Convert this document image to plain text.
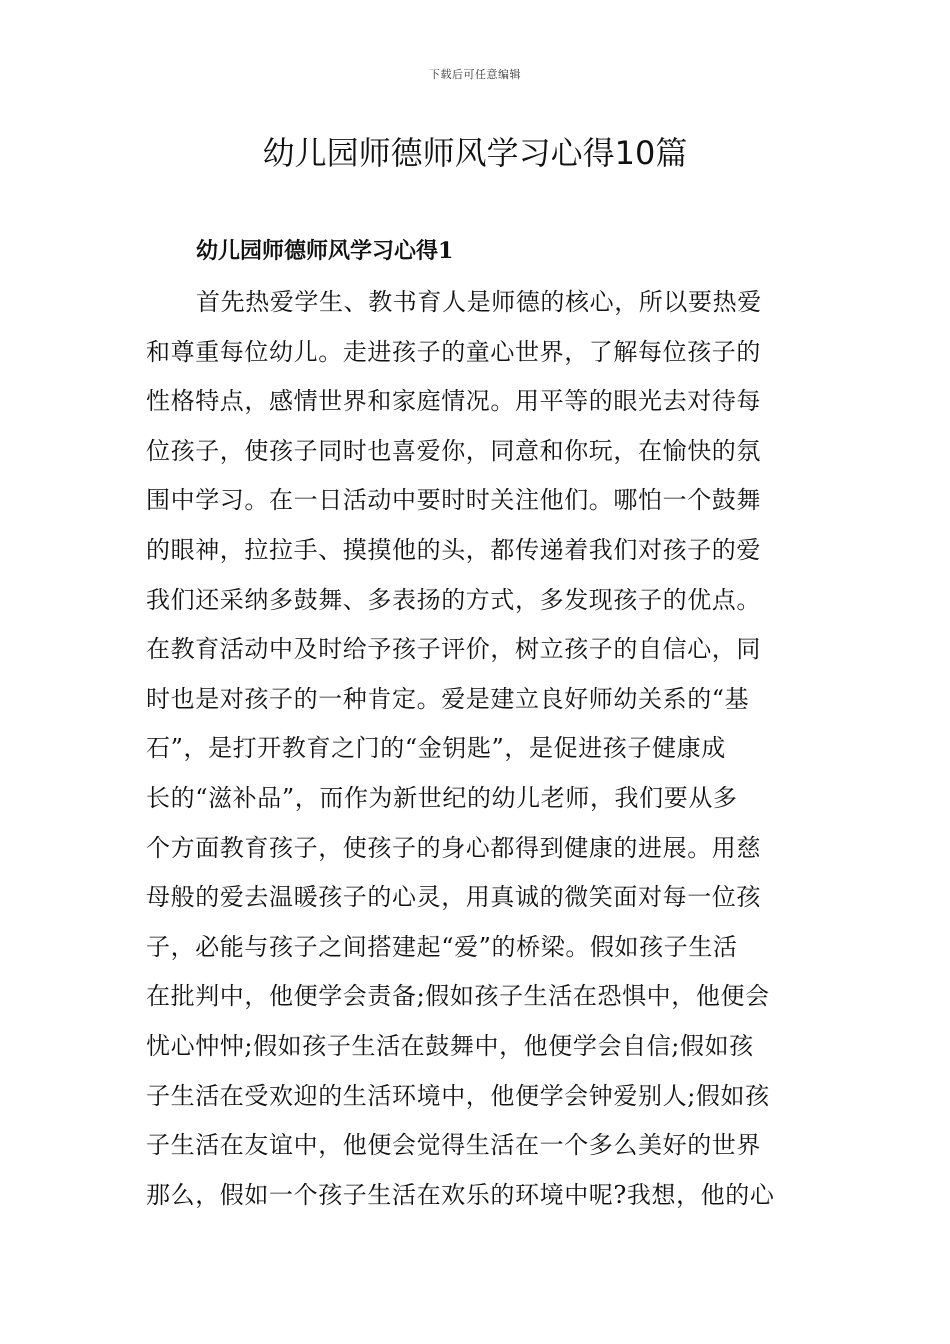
下载后可任意编辑
幼儿园师德师风学习心得10篇
幼儿园师德师风学习心得1
首先热爱学生、教书育人是师德的核心，所以要热爱
和尊重每位幼儿。走进孩子的童心世界，了解每位孩子的
性格特点，感情世界和家庭情况。用平等的眼光去对待每
位孩子，使孩子同时也喜爱你，同意和你玩，在愉快的氛
围中学习。在一日活动中要时时关注他们。哪怕一个鼓舞
的眼神，拉拉手、摸摸他的头，都传递着我们对孩子的爱
我们还采纳多鼓舞、多表扬的方式，多发现孩子的优点。
在教育活动中及时给予孩子评价，树立孩子的自信心，同
时也是对孩子的一种肯定。爱是建立良好师幼关系的“基
石”，是打开教育之门的“金钥匙”，是促进孩子健康成
长的“滋补品”，而作为新世纪的幼儿老师，我们要从多
个方面教育孩子，使孩子的身心都得到健康的进展。用慈
母般的爱去温暖孩子的心灵，用真诚的微笑面对每一位孩
子，必能与孩子之间搭建起“爱”的桥梁。假如孩子生活
在批判中，他便学会责备;假如孩子生活在恐惧中，他便会
忧心忡忡;假如孩子生活在鼓舞中，他便学会自信;假如孩
子生活在受欢迎的生活环境中，他便学会钟爱别人;假如孩
子生活在友谊中，他便会觉得生活在一个多么美好的世界
那么，假如一个孩子生活在欢乐的环境中呢?我想，他的心
